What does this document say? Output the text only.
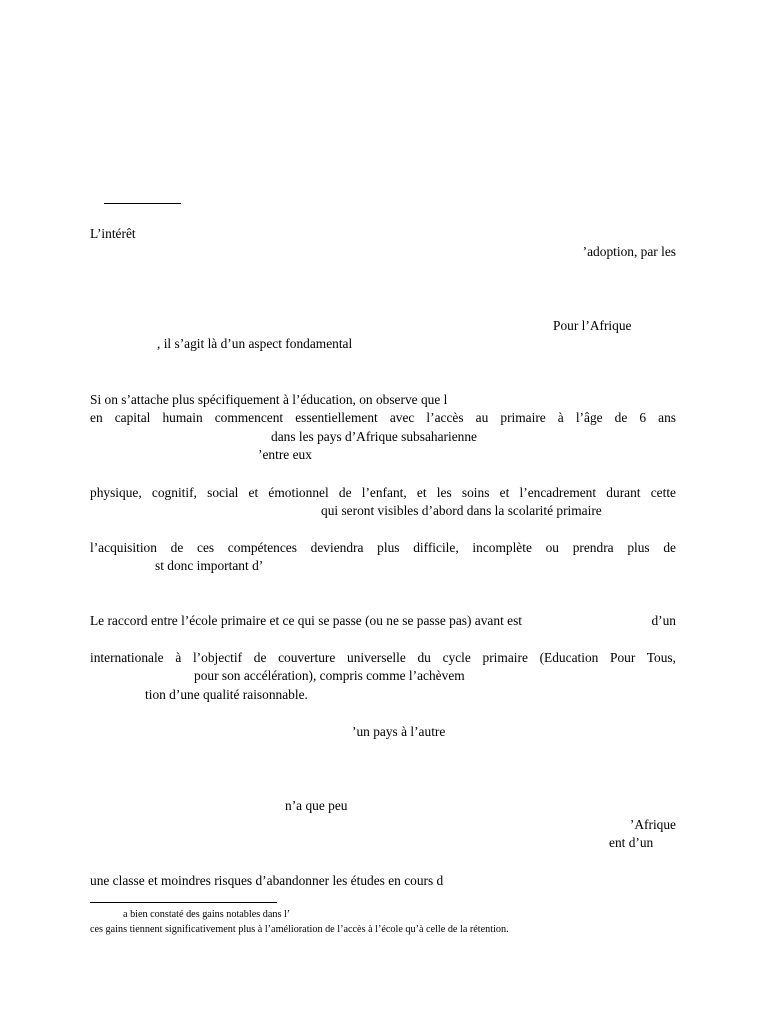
L’intérêt
’adoption, par les
Pour l’Afrique
, il s’agit là d’un aspect fondamental
Si on s’attache plus spécifiquement à l’éducation, on observe que l
en capital humain commencent essentiellement avec l’accès au primaire à l’âge de 6 ans
dans les pays d’Afrique subsaharienne
’entre eux
physique, cognitif, social et émotionnel de l’enfant, et les soins et l’encadrement durant cette
qui seront visibles d’abord dans la scolarité primaire
l’acquisition de ces compétences deviendra plus difficile, incomplète ou prendra plus de
st donc important d’
Le raccord entre l’école primaire et ce qui se passe (ou ne se passe pas) avant est	d’un
internationale à l’objectif de couverture universelle du cycle primaire (Education Pour Tous,
pour son accélération), compris comme l’achèvem
tion d’une qualité raisonnable.
’un pays à l’autre
n’a que peu
’Afrique
ent d’un
une classe et moindres risques d’abandonner les études en cours d
a bien constaté des gains notables dans l’
ces gains tiennent significativement plus à l’amélioration de l’accès à l’école qu’à celle de la rétention.
